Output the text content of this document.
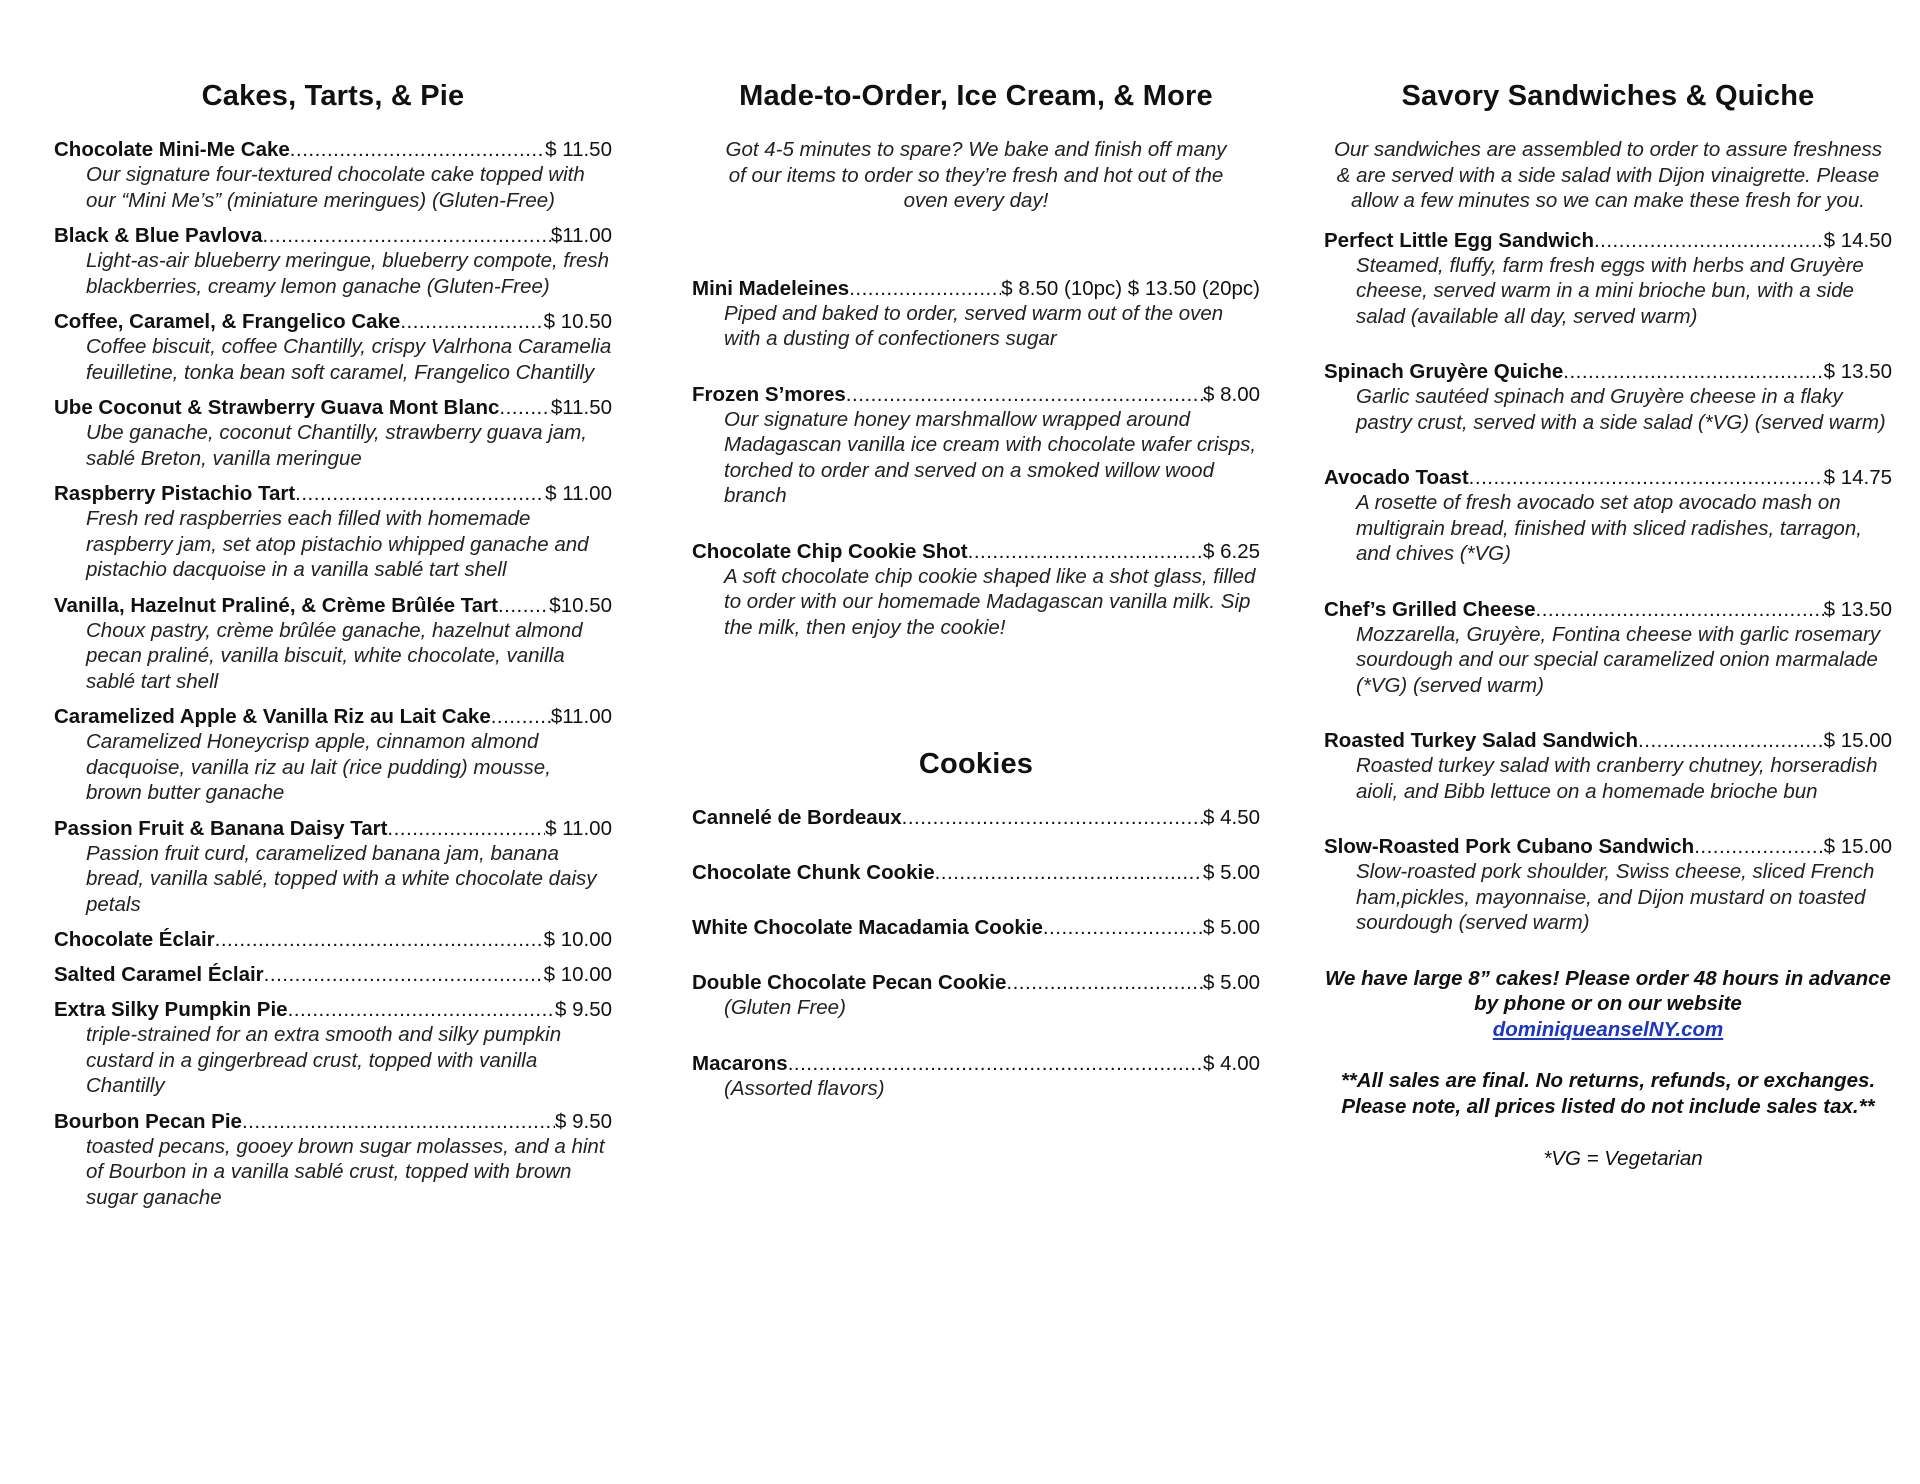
Cakes, Tarts, & Pie
Chocolate Mini-Me Cake .....	$ 11.50
Our signature four-textured chocolate cake topped with our “Mini Me’s” (miniature meringues) (Gluten-Free)
Black & Blue Pavlova .....	$11.00
Light-as-air blueberry meringue, blueberry compote, fresh blackberries, creamy lemon ganache (Gluten-Free)
Coffee, Caramel, & Frangelico Cake .....	$ 10.50
Coffee biscuit, coffee Chantilly, crispy Valrhona Caramelia feuilletine, tonka bean soft caramel, Frangelico Chantilly
Ube Coconut & Strawberry Guava Mont Blanc .....	$11.50
Ube ganache, coconut Chantilly, strawberry guava jam, sablé Breton, vanilla meringue
Raspberry Pistachio Tart .....	$ 11.00
Fresh red raspberries each filled with homemade raspberry jam, set atop pistachio whipped ganache and pistachio dacquoise in a vanilla sablé tart shell
Vanilla, Hazelnut Praliné, & Crème Brûlée Tart .....	$10.50
Choux pastry, crème brûlée ganache, hazelnut almond pecan praliné, vanilla biscuit, white chocolate, vanilla sablé tart shell
Caramelized Apple & Vanilla Riz au Lait Cake .....	$11.00
Caramelized Honeycrisp apple, cinnamon almond dacquoise, vanilla riz au lait (rice pudding) mousse, brown butter ganache
Passion Fruit & Banana Daisy Tart .....	$ 11.00
Passion fruit curd, caramelized banana jam, banana bread, vanilla sablé, topped with a white chocolate daisy petals
Chocolate Éclair .....	$ 10.00
Salted Caramel Éclair .....	$ 10.00
Extra Silky Pumpkin Pie .....	$ 9.50
triple-strained for an extra smooth and silky pumpkin custard in a gingerbread crust, topped with vanilla Chantilly
Bourbon Pecan Pie .....	$ 9.50
toasted pecans, gooey brown sugar molasses, and a hint of Bourbon in a vanilla sablé crust, topped with brown sugar ganache
Made-to-Order, Ice Cream, & More
Got 4-5 minutes to spare? We bake and finish off many of our items to order so they’re fresh and hot out of the oven every day!
Mini Madeleines .....	$ 8.50 (10pc) $ 13.50 (20pc)
Piped and baked to order, served warm out of the oven with a dusting of confectioners sugar
Frozen S’mores .....	$ 8.00
Our signature honey marshmallow wrapped around Madagascan vanilla ice cream with chocolate wafer crisps, torched to order and served on a smoked willow wood branch
Chocolate Chip Cookie Shot .....	$ 6.25
A soft chocolate chip cookie shaped like a shot glass, filled to order with our homemade Madagascan vanilla milk. Sip the milk, then enjoy the cookie!
Cookies
Cannelé de Bordeaux .....	$ 4.50
Chocolate Chunk Cookie .....	$ 5.00
White Chocolate Macadamia Cookie .....	$ 5.00
Double Chocolate Pecan Cookie .....	$ 5.00
(Gluten Free)
Macarons .....	$ 4.00
(Assorted flavors)
Savory Sandwiches & Quiche
Our sandwiches are assembled to order to assure freshness & are served with a side salad with Dijon vinaigrette. Please allow a few minutes so we can make these fresh for you.
Perfect Little Egg Sandwich .....	$ 14.50
Steamed, fluffy, farm fresh eggs with herbs and Gruyère cheese, served warm in a mini brioche bun, with a side salad (available all day, served warm)
Spinach Gruyère Quiche .....	$ 13.50
Garlic sautéed spinach and Gruyère cheese in a flaky pastry crust, served with a side salad (*VG) (served warm)
Avocado Toast .....	$ 14.75
A rosette of fresh avocado set atop avocado mash on multigrain bread, finished with sliced radishes, tarragon, and chives (*VG)
Chef’s Grilled Cheese .....	$ 13.50
Mozzarella, Gruyère, Fontina cheese with garlic rosemary sourdough and our special caramelized onion marmalade (*VG) (served warm)
Roasted Turkey Salad Sandwich .....	$ 15.00
Roasted turkey salad with cranberry chutney, horseradish aioli, and Bibb lettuce on a homemade brioche bun
Slow-Roasted Pork Cubano Sandwich .....	$ 15.00
Slow-roasted pork shoulder, Swiss cheese, sliced French ham,pickles, mayonnaise, and Dijon mustard on toasted sourdough (served warm)
We have large 8” cakes! Please order 48 hours in advance by phone or on our website
dominiqueanselNY.com
**All sales are final. No returns, refunds, or exchanges. Please note, all prices listed do not include sales tax.**
*VG = Vegetarian
